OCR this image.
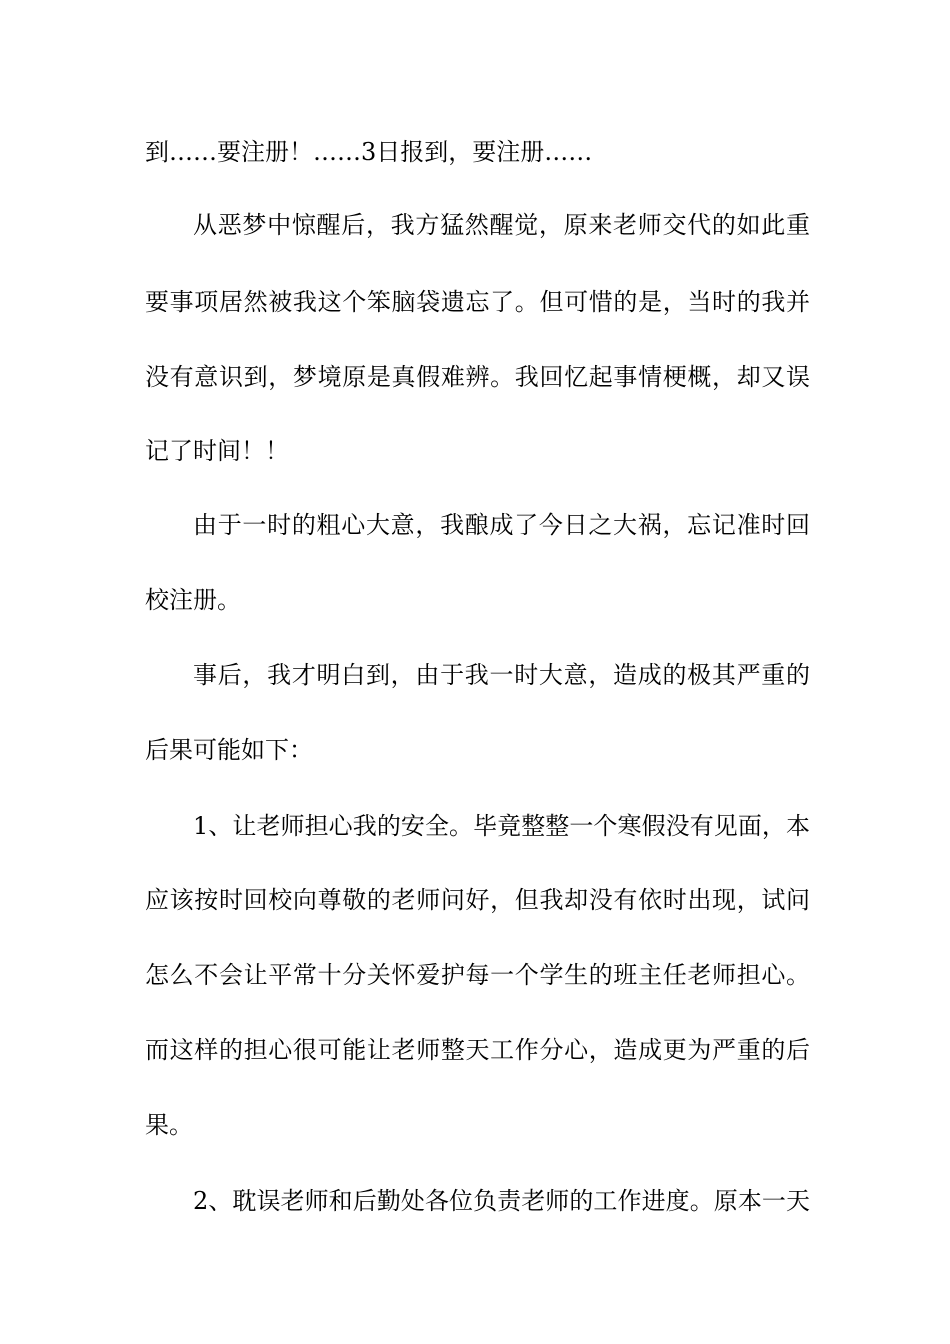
到……要注册！……3日报到，要注册……
从恶梦中惊醒后，我方猛然醒觉，原来老师交代的如此重
要事项居然被我这个笨脑袋遗忘了。但可惜的是，当时的我并
没有意识到，梦境原是真假难辨。我回忆起事情梗概，却又误
记了时间！！
由于一时的粗心大意，我酿成了今日之大祸，忘记准时回
校注册。
事后，我才明白到，由于我一时大意，造成的极其严重的
后果可能如下：
1、让老师担心我的安全。毕竟整整一个寒假没有见面，本
应该按时回校向尊敬的老师问好，但我却没有依时出现，试问
怎么不会让平常十分关怀爱护每一个学生的班主任老师担心。
而这样的担心很可能让老师整天工作分心，造成更为严重的后
果。
2、耽误老师和后勤处各位负责老师的工作进度。原本一天
